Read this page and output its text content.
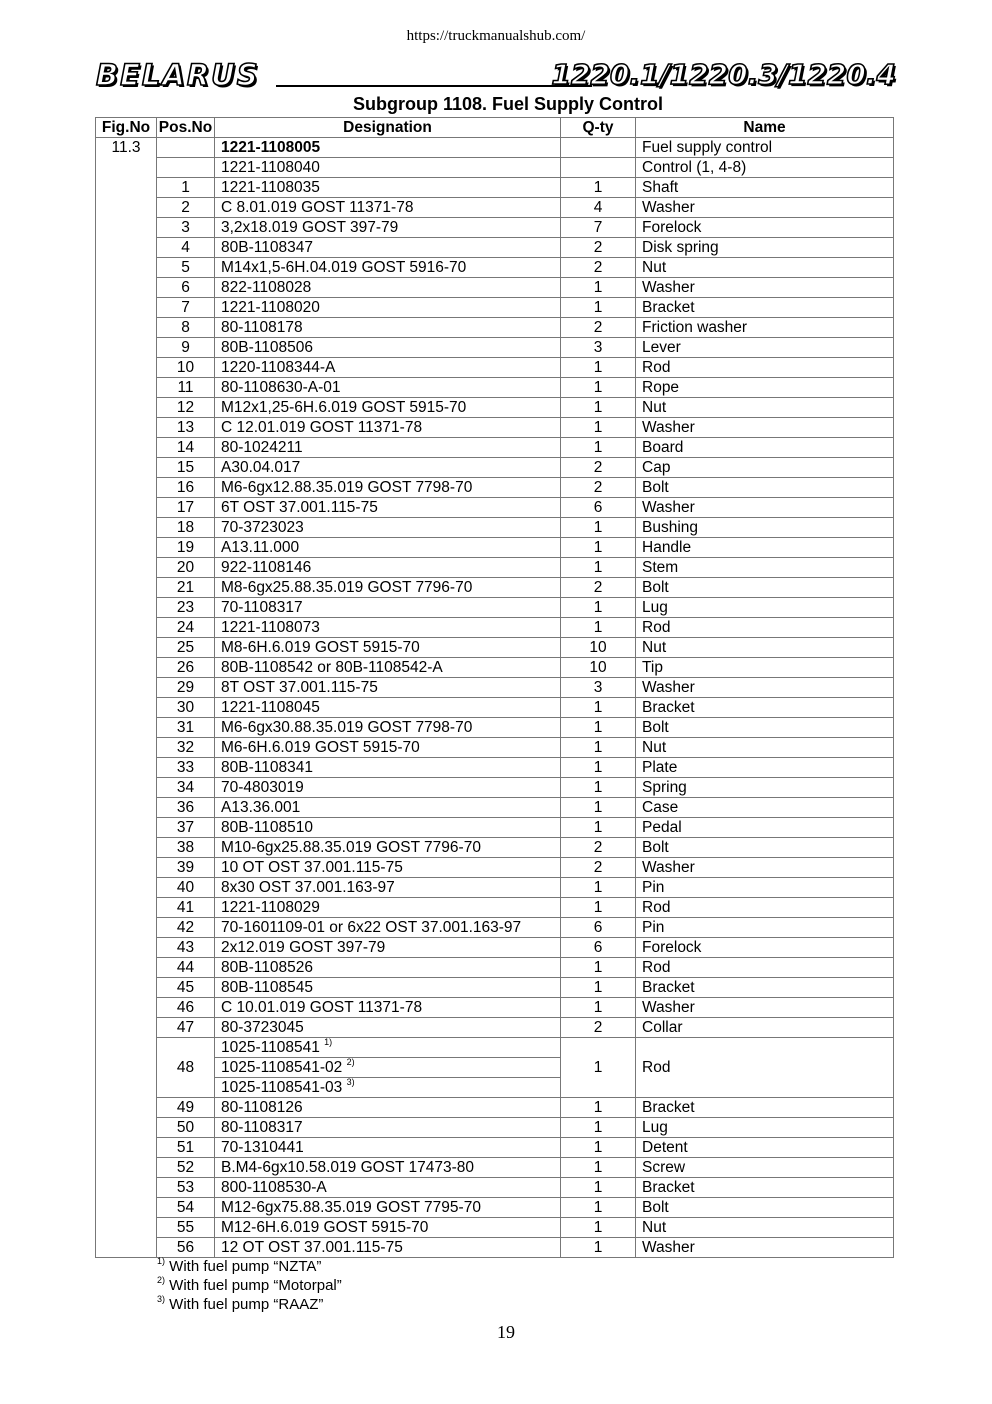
https://truckmanualshub.com/
BELARUS	1220.1/1220.3/1220.4
Subgroup 1108. Fuel Supply Control
Fig.No	Pos.No	Designation	Q-ty	Name
11.3		1221-1108005		Fuel supply control
		1221-1108040		Control (1, 4-8)
	1	1221-1108035	1	Shaft
	2	C 8.01.019 GOST 11371-78	4	Washer
	3	3,2x18.019 GOST 397-79	7	Forelock
	4	80B-1108347	2	Disk spring
	5	M14x1,5-6H.04.019 GOST 5916-70	2	Nut
	6	822-1108028	1	Washer
	7	1221-1108020	1	Bracket
	8	80-1108178	2	Friction washer
	9	80B-1108506	3	Lever
	10	1220-1108344-A	1	Rod
	11	80-1108630-A-01	1	Rope
	12	M12x1,25-6H.6.019 GOST 5915-70	1	Nut
	13	C 12.01.019 GOST 11371-78	1	Washer
	14	80-1024211	1	Board
	15	A30.04.017	2	Cap
	16	M6-6gx12.88.35.019 GOST 7798-70	2	Bolt
	17	6T OST 37.001.115-75	6	Washer
	18	70-3723023	1	Bushing
	19	A13.11.000	1	Handle
	20	922-1108146	1	Stem
	21	M8-6gx25.88.35.019 GOST 7796-70	2	Bolt
	23	70-1108317	1	Lug
	24	1221-1108073	1	Rod
	25	M8-6H.6.019 GOST 5915-70	10	Nut
	26	80B-1108542 or 80B-1108542-A	10	Tip
	29	8T OST 37.001.115-75	3	Washer
	30	1221-1108045	1	Bracket
	31	M6-6gx30.88.35.019 GOST 7798-70	1	Bolt
	32	M6-6H.6.019 GOST 5915-70	1	Nut
	33	80B-1108341	1	Plate
	34	70-4803019	1	Spring
	36	A13.36.001	1	Case
	37	80B-1108510	1	Pedal
	38	M10-6gx25.88.35.019 GOST 7796-70	2	Bolt
	39	10 OT OST 37.001.115-75	2	Washer
	40	8x30 OST 37.001.163-97	1	Pin
	41	1221-1108029	1	Rod
	42	70-1601109-01 or 6x22 OST 37.001.163-97	6	Pin
	43	2x12.019 GOST 397-79	6	Forelock
	44	80B-1108526	1	Rod
	45	80B-1108545	1	Bracket
	46	C 10.01.019 GOST 11371-78	1	Washer
	47	80-3723045	2	Collar
	48	1025-1108541 $^{1)}$	1	Rod
		1025-1108541-02 $^{2)}$
		1025-1108541-03 $^{3)}$
	49	80-1108126	1	Bracket
	50	80-1108317	1	Lug
	51	70-1310441	1	Detent
	52	B.M4-6gx10.58.019 GOST 17473-80	1	Screw
	53	800-1108530-A	1	Bracket
	54	M12-6gx75.88.35.019 GOST 7795-70	1	Bolt
	55	M12-6H.6.019 GOST 5915-70	1	Nut
	56	12 OT OST 37.001.115-75	1	Washer
$^{1)}$ With fuel pump “NZTA”
$^{2)}$ With fuel pump “Motorpal”
$^{3)}$ With fuel pump “RAAZ”
19
